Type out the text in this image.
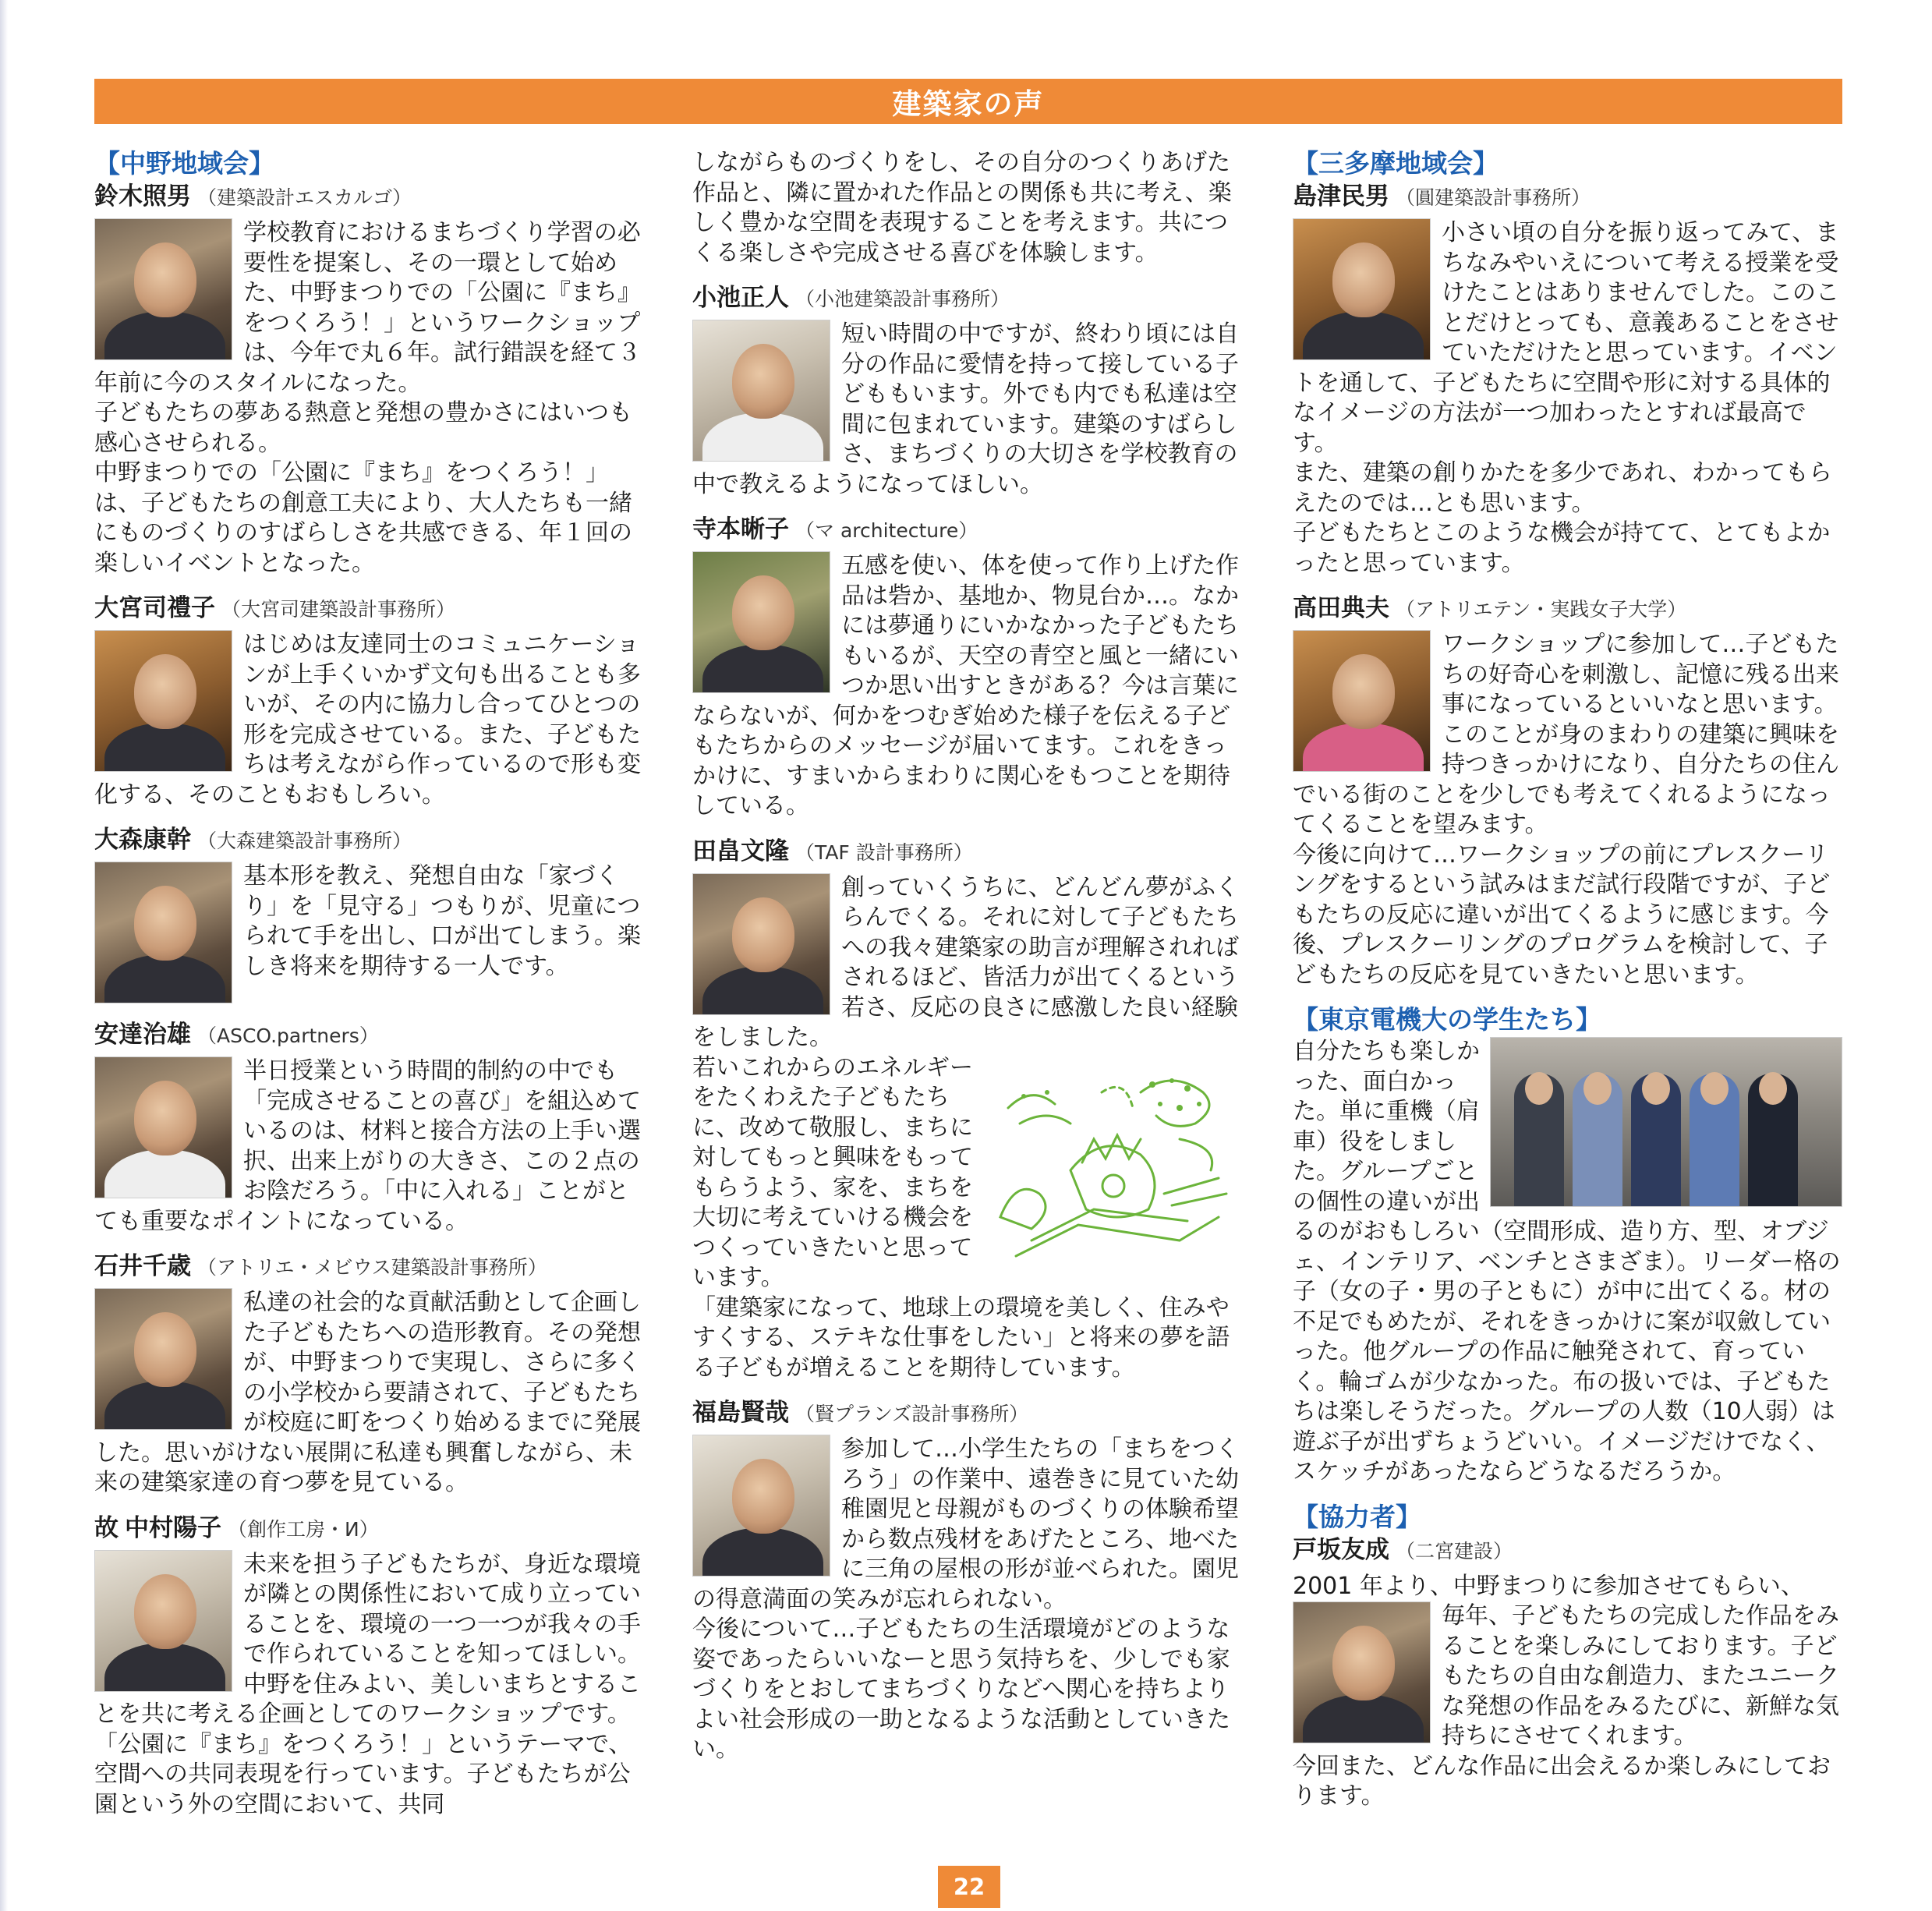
建築家の声
【中野地域会】
鈴木照男 （建築設計エスカルゴ）

学校教育におけるまちづくり学習の必要性を提案し、その一環として始めた、中野まつりでの「公園に『まち』をつくろう！」というワークショップは、今年で丸６年。試行錯誤を経て３年前に今のスタイルになった。

子どもたちの夢ある熱意と発想の豊かさにはいつも感心させられる。

中野まつりでの「公園に『まち』をつくろう！」は、子どもたちの創意工夫により、大人たちも一緒にものづくりのすばらしさを共感できる、年１回の楽しいイベントとなった。

大宮司禮子 （大宮司建築設計事務所）

はじめは友達同士のコミュニケーションが上手くいかず文句も出ることも多いが、その内に協力し合ってひとつの形を完成させている。また、子どもたちは考えながら作っているので形も変化する、そのこともおもしろい。

大森康幹 （大森建築設計事務所）

基本形を教え、発想自由な「家づくり」を「見守る」つもりが、児童につられて手を出し、口が出てしまう。楽しき将来を期待する一人です。

安達治雄 （ASCO.partners）

半日授業という時間的制約の中でも「完成させることの喜び」を組込めているのは、材料と接合方法の上手い選択、出来上がりの大きさ、この２点のお陰だろう。「中に入れる」ことがとても重要なポイントになっている。

石井千歳 （アトリエ・メビウス建築設計事務所）

私達の社会的な貢献活動として企画した子どもたちへの造形教育。その発想が、中野まつりで実現し、さらに多くの小学校から要請されて、子どもたちが校庭に町をつくり始めるまでに発展した。思いがけない展開に私達も興奮しながら、未来の建築家達の育つ夢を見ている。

故 中村陽子 （創作工房・И）

未来を担う子どもたちが、身近な環境が隣との関係性において成り立っていることを、環境の一つ一つが我々の手で作られていることを知ってほしい。中野を住みよい、美しいまちとすることを共に考える企画としてのワークショップです。「公園に『まち』をつくろう！」というテーマで、空間への共同表現を行っています。子どもたちが公園という外の空間において、共同

しながらものづくりをし、その自分のつくりあげた作品と、隣に置かれた作品との関係も共に考え、楽しく豊かな空間を表現することを考えます。共につくる楽しさや完成させる喜びを体験します。

小池正人 （小池建築設計事務所）

短い時間の中ですが、終わり頃には自分の作品に愛情を持って接している子どももいます。外でも内でも私達は空間に包まれています。建築のすばらしさ、まちづくりの大切さを学校教育の中で教えるようになってほしい。

寺本晰子 （マ architecture）

五感を使い、体を使って作り上げた作品は砦か、基地か、物見台か…。なかには夢通りにいかなかった子どもたちもいるが、天空の青空と風と一緒にいつか思い出すときがある？今は言葉にならないが、何かをつむぎ始めた様子を伝える子どもたちからのメッセージが届いてます。これをきっかけに、すまいからまわりに関心をもつことを期待している。

田畠文隆 （TAF 設計事務所）

創っていくうちに、どんどん夢がふくらんでくる。それに対して子どもたちへの我々建築家の助言が理解されればされるほど、皆活力が出てくるという若さ、反応の良さに感激した良い経験をしました。

若いこれからのエネルギーをたくわえた子どもたちに、改めて敬服し、まちに対してもっと興味をもってもらうよう、家を、まちを大切に考えていける機会をつくっていきたいと思っています。

「建築家になって、地球上の環境を美しく、住みやすくする、ステキな仕事をしたい」と将来の夢を語る子どもが増えることを期待しています。

福島賢哉 （賢プランズ設計事務所）

参加して…小学生たちの「まちをつくろう」の作業中、遠巻きに見ていた幼稚園児と母親がものづくりの体験希望から数点残材をあげたところ、地べたに三角の屋根の形が並べられた。園児の得意満面の笑みが忘れられない。

今後について…子どもたちの生活環境がどのような姿であったらいいなーと思う気持ちを、少しでも家づくりをとおしてまちづくりなどへ関心を持ちよりよい社会形成の一助となるような活動としていきたい。

【三多摩地域会】
島津民男 （圓建築設計事務所）

小さい頃の自分を振り返ってみて、まちなみやいえについて考える授業を受けたことはありませんでした。このことだけとっても、意義あることをさせていただけたと思っています。イベントを通して、子どもたちに空間や形に対する具体的なイメージの方法が一つ加わったとすれば最高です。

また、建築の創りかたを多少であれ、わかってもらえたのでは…とも思います。

子どもたちとこのような機会が持てて、とてもよかったと思っています。

高田典夫 （アトリエテン・実践女子大学）

ワークショップに参加して…子どもたちの好奇心を刺激し、記憶に残る出来事になっているといいなと思います。このことが身のまわりの建築に興味を持つきっかけになり、自分たちの住んでいる街のことを少しでも考えてくれるようになってくることを望みます。

今後に向けて…ワークショップの前にプレスクーリングをするという試みはまだ試行段階ですが、子どもたちの反応に違いが出てくるように感じます。今後、プレスクーリングのプログラムを検討して、子どもたちの反応を見ていきたいと思います。

【東京電機大の学生たち】

自分たちも楽しかった、面白かった。単に重機（肩車）役をしました。グループごとの個性の違いが出るのがおもしろい（空間形成、造り方、型、オブジェ、インテリア、ベンチとさまざま）。リーダー格の子（女の子・男の子ともに）が中に出てくる。材の不足でもめたが、それをきっかけに案が収斂していった。他グループの作品に触発されて、育っていく。輪ゴムが少なかった。布の扱いでは、子どもたちは楽しそうだった。グループの人数（10人弱）は遊ぶ子が出ずちょうどいい。イメージだけでなく、スケッチがあったならどうなるだろうか。

【協力者】
戸坂友成 （二宮建設）

2001 年より、中野まつりに参加させてもらい、

毎年、子どもたちの完成した作品をみることを楽しみにしております。子どもたちの自由な創造力、またユニークな発想の作品をみるたびに、新鮮な気持ちにさせてくれます。

今回また、どんな作品に出会えるか楽しみにしております。

22
